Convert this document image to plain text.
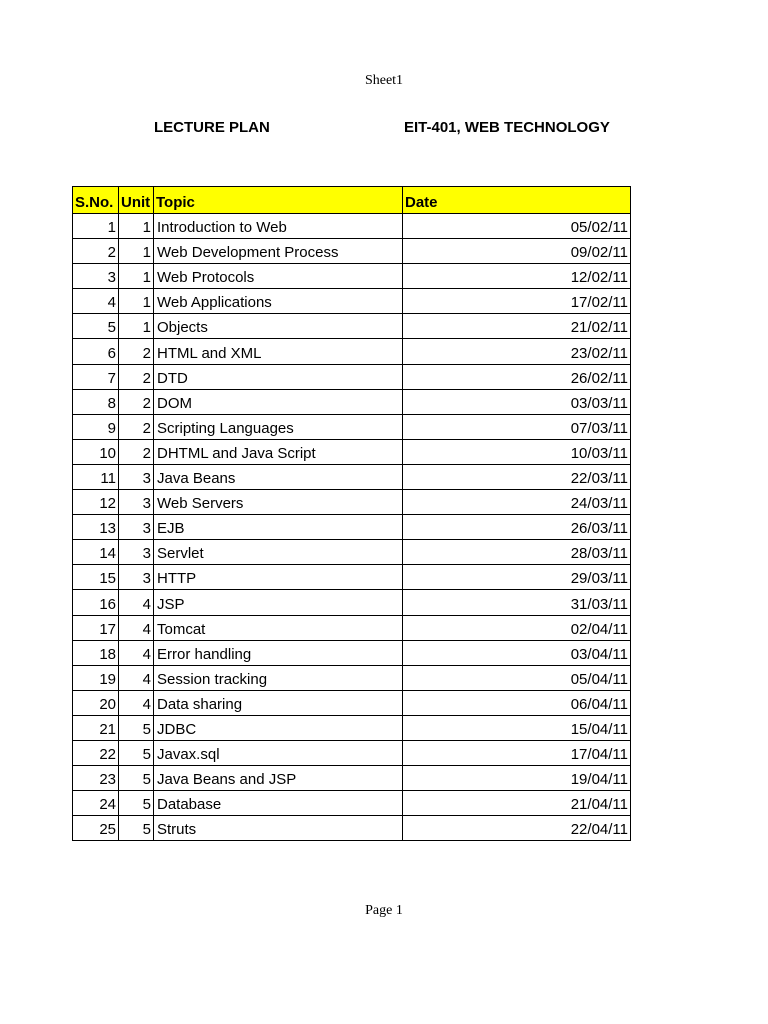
Sheet1
LECTURE PLAN	EIT-401, WEB TECHNOLOGY
S.No.	Unit	Topic	Date
1	1	Introduction to Web	05/02/11
2	1	Web Development Process	09/02/11
3	1	Web Protocols	12/02/11
4	1	Web Applications	17/02/11
5	1	Objects	21/02/11
6	2	HTML and XML	23/02/11
7	2	DTD	26/02/11
8	2	DOM	03/03/11
9	2	Scripting Languages	07/03/11
10	2	DHTML and Java Script	10/03/11
11	3	Java Beans	22/03/11
12	3	Web Servers	24/03/11
13	3	EJB	26/03/11
14	3	Servlet	28/03/11
15	3	HTTP	29/03/11
16	4	JSP	31/03/11
17	4	Tomcat	02/04/11
18	4	Error handling	03/04/11
19	4	Session tracking	05/04/11
20	4	Data sharing	06/04/11
21	5	JDBC	15/04/11
22	5	Javax.sql	17/04/11
23	5	Java Beans and JSP	19/04/11
24	5	Database	21/04/11
25	5	Struts	22/04/11
Page 1
